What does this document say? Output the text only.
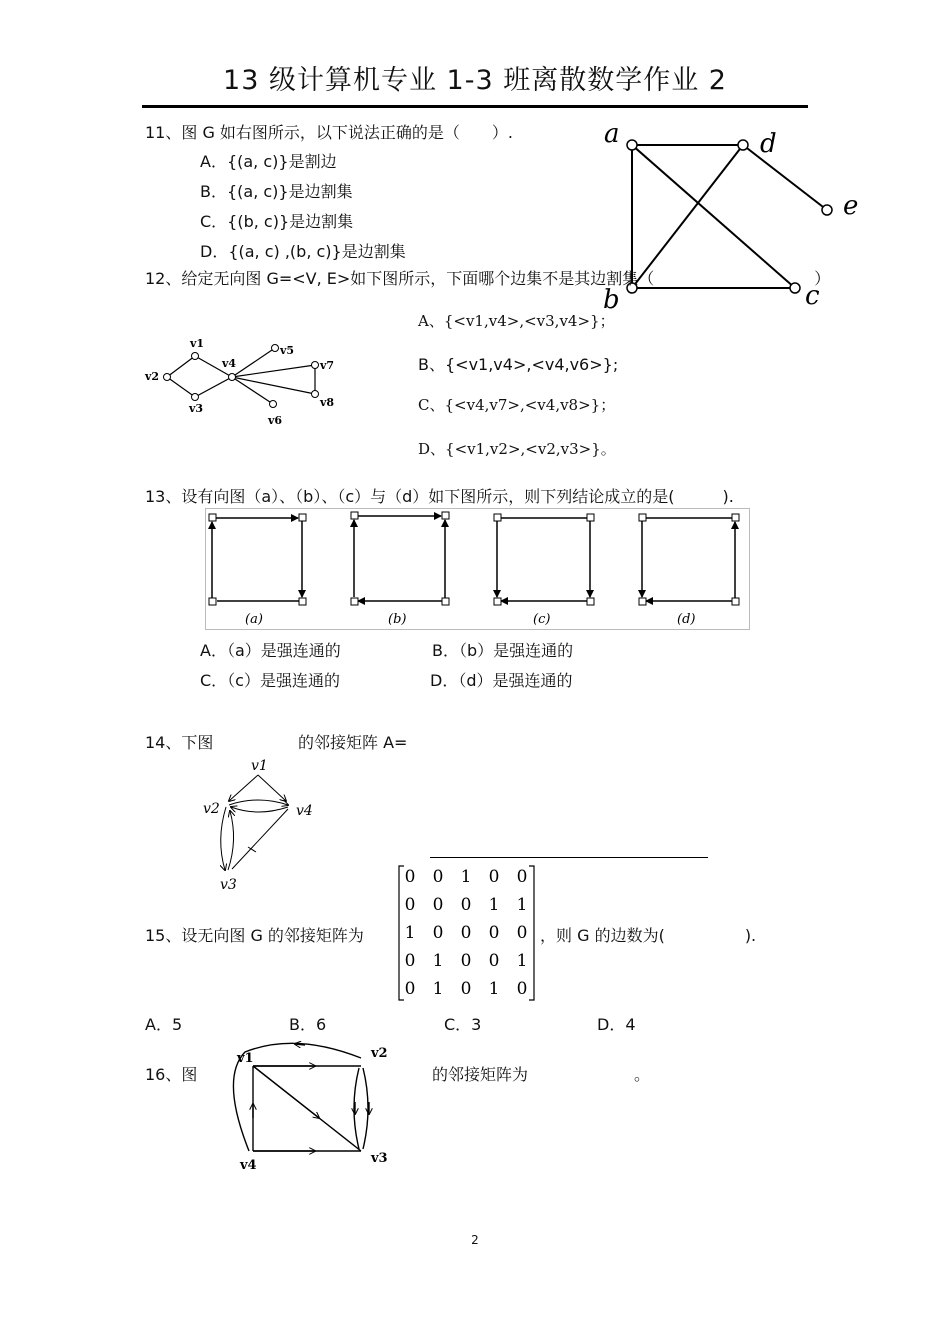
13 级计算机专业 1-3 班离散数学作业 2
11、图 G 如右图所示，以下说法正确的是（　　）.
A．{(a, c)}是割边
B．{(a, c)}是边割集
C．{(b, c)}是边割集
D．{(a, c) ,(b, c)}是边割集
a	d
e
b	c
12、给定无向图 G=<V, E>如下图所示，下面哪个边集不是其边割集（　　　　　　　　　　）
v1
v2
v3
v4
v5
v6
v7
v8
A、{<v1,v4>,<v3,v4>}；
B、{<v1,v4>,<v4,v6>};
C、{<v4,v7>,<v4,v8>}；
D、{<v1,v2>,<v2,v3>}。
13、设有向图（a）、（b）、（c）与（d）如下图所示，则下列结论成立的是(　　　).
(a)	(b)	(c)	(d)
A．（a）是强连通的	B．（b）是强连通的
C．（c）是强连通的	D．（d）是强连通的
14、下图	的邻接矩阵 A=
v1
v2	v4
v3
15、设无向图 G 的邻接矩阵为
0 0 1 0 0
0 0 0 1 1
1 0 0 0 0
0 1 0 0 1
0 1 0 1 0
，则 G 的边数为(　　　　　).
A．5	B．6	C．3	D．4
16、图	的邻接矩阵为	。
v1	v2
v4	v3
2
